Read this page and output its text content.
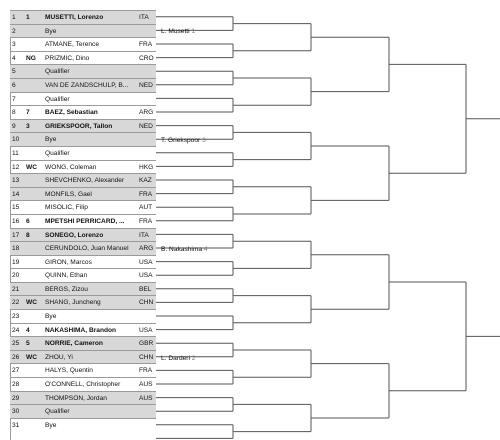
1	1	MUSETTI, Lorenzo	ITA
2	Bye
3	ATMANE, Terence	FRA
4	NG	PRIZMIC, Dino	CRO
5	Qualifier
6	VAN DE ZANDSCHULP, B...	NED
7	Qualifier
8	7	BAEZ, Sebastian	ARG
9	3	GRIEKSPOOR, Tallon	NED
10	Bye
11	Qualifier
12	WC	WONG, Coleman	HKG
13	SHEVCHENKO, Alexander	KAZ
14	MONFILS, Gael	FRA
15	MISOLIC, Filip	AUT
16	6	MPETSHI PERRICARD, ...	FRA
17	8	SONEGO, Lorenzo	ITA
18	CERUNDOLO, Juan Manuel	ARG
19	GIRON, Marcos	USA
20	QUINN, Ethan	USA
21	BERGS, Zizou	BEL
22	WC	SHANG, Juncheng	CHN
23	Bye
24	4	NAKASHIMA, Brandon	USA
25	5	NORRIE, Cameron	GBR
26	WC	ZHOU, Yi	CHN
27	HALYS, Quentin	FRA
28	O'CONNELL, Christopher	AUS
29	THOMPSON, Jordan	AUS
30	Qualifier
31	Bye
L. Musetti 1
T. Griekspoor 3
B. Nakashima 4
L. Darderi 2
